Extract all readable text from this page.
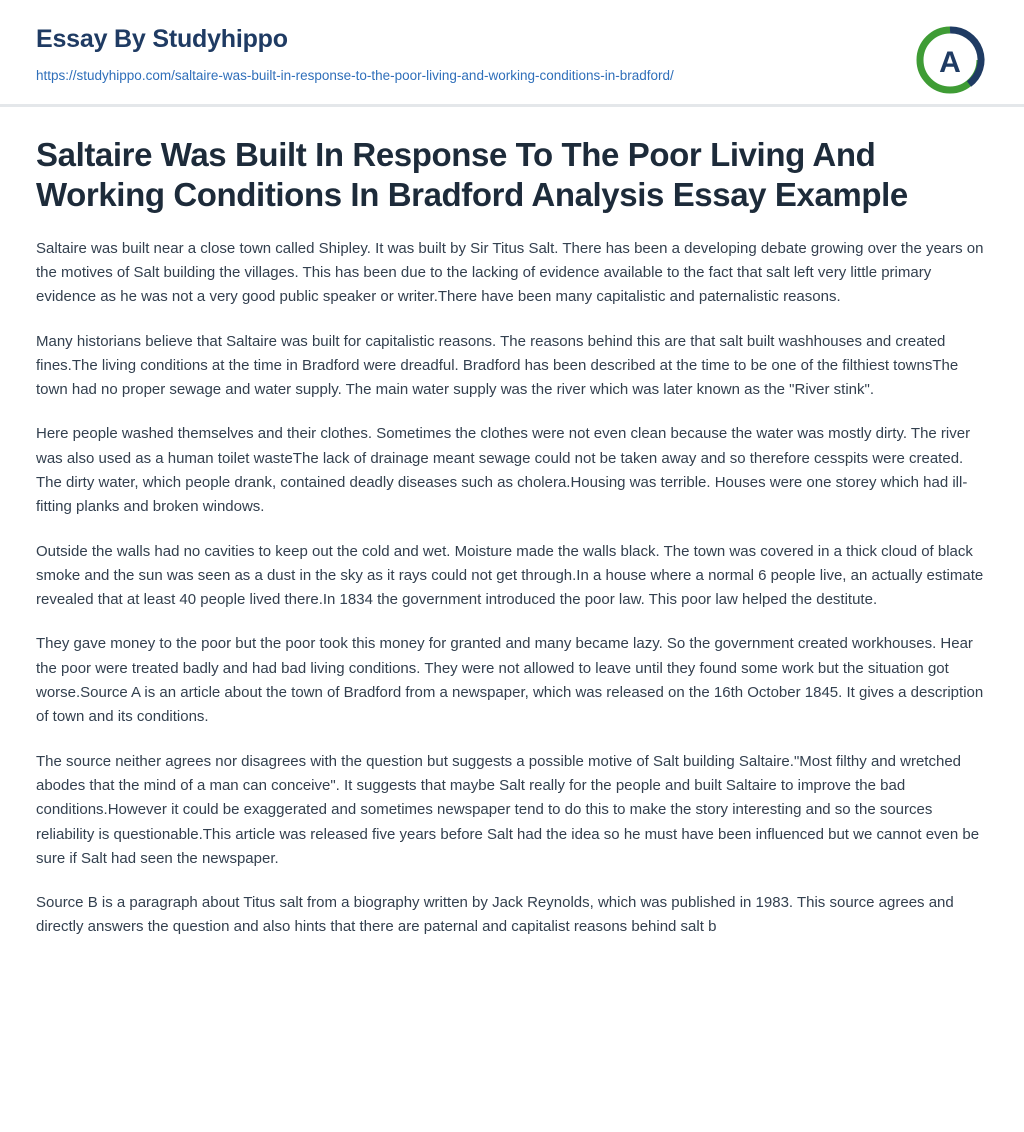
Essay By Studyhippo
https://studyhippo.com/saltaire-was-built-in-response-to-the-poor-living-and-working-conditions-in-bradford/	A
Saltaire Was Built In Response To The Poor Living And Working Conditions In Bradford Analysis Essay Example

Saltaire was built near a close town called Shipley. It was built by Sir Titus Salt. There has been a developing debate growing over the years on the motives of Salt building the villages. This has been due to the lacking of evidence available to the fact that salt left very little primary evidence as he was not a very good public speaker or writer.There have been many capitalistic and paternalistic reasons.

Many historians believe that Saltaire was built for capitalistic reasons. The reasons behind this are that salt built washhouses and created fines.The living conditions at the time in Bradford were dreadful. Bradford has been described at the time to be one of the filthiest townsThe town had no proper sewage and water supply. The main water supply was the river which was later known as the "River stink".

Here people washed themselves and their clothes. Sometimes the clothes were not even clean because the water was mostly dirty. The river was also used as a human toilet wasteThe lack of drainage meant sewage could not be taken away and so therefore cesspits were created. The dirty water, which people drank, contained deadly diseases such as cholera.Housing was terrible. Houses were one storey which had ill-fitting planks and broken windows.

Outside the walls had no cavities to keep out the cold and wet. Moisture made the walls black. The town was covered in a thick cloud of black smoke and the sun was seen as a dust in the sky as it rays could not get through.In a house where a normal 6 people live, an actually estimate revealed that at least 40 people lived there.In 1834 the government introduced the poor law. This poor law helped the destitute.

They gave money to the poor but the poor took this money for granted and many became lazy. So the government created workhouses. Hear the poor were treated badly and had bad living conditions. They were not allowed to leave until they found some work but the situation got worse.Source A is an article about the town of Bradford from a newspaper, which was released on the 16th October 1845. It gives a description of town and its conditions.

The source neither agrees nor disagrees with the question but suggests a possible motive of Salt building Saltaire."Most filthy and wretched abodes that the mind of a man can conceive". It suggests that maybe Salt really for the people and built Saltaire to improve the bad conditions.However it could be exaggerated and sometimes newspaper tend to do this to make the story interesting and so the sources reliability is questionable.This article was released five years before Salt had the idea so he must have been influenced but we cannot even be sure if Salt had seen the newspaper.

Source B is a paragraph about Titus salt from a biography written by Jack Reynolds, which was published in 1983. This source agrees and directly answers the question and also hints that there are paternal and capitalist reasons behind salt b
